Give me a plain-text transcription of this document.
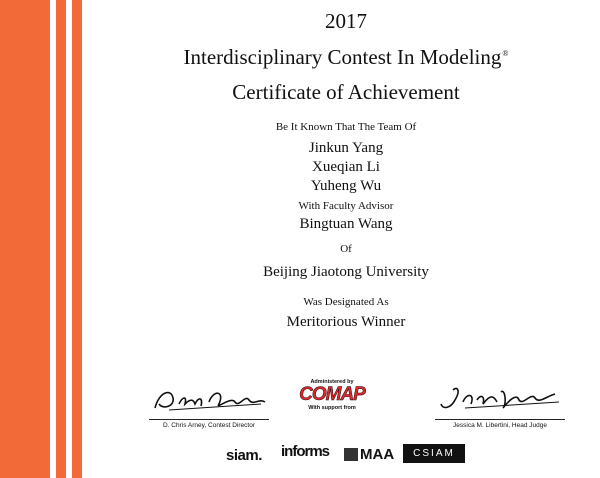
2017
Interdisciplinary Contest In Modeling®
Certificate of Achievement
Be It Known That The Team Of
Jinkun Yang
Xueqian Li
Yuheng Wu
With Faculty Advisor
Bingtuan Wang
Of
Beijing Jiaotong University
Was Designated As
Meritorious Winner
D. Chris Arney, Contest Director
Administered by
COMAP
With support from
Jessica M. Libertini, Head Judge
siam. informs	MAA	CSIAM
